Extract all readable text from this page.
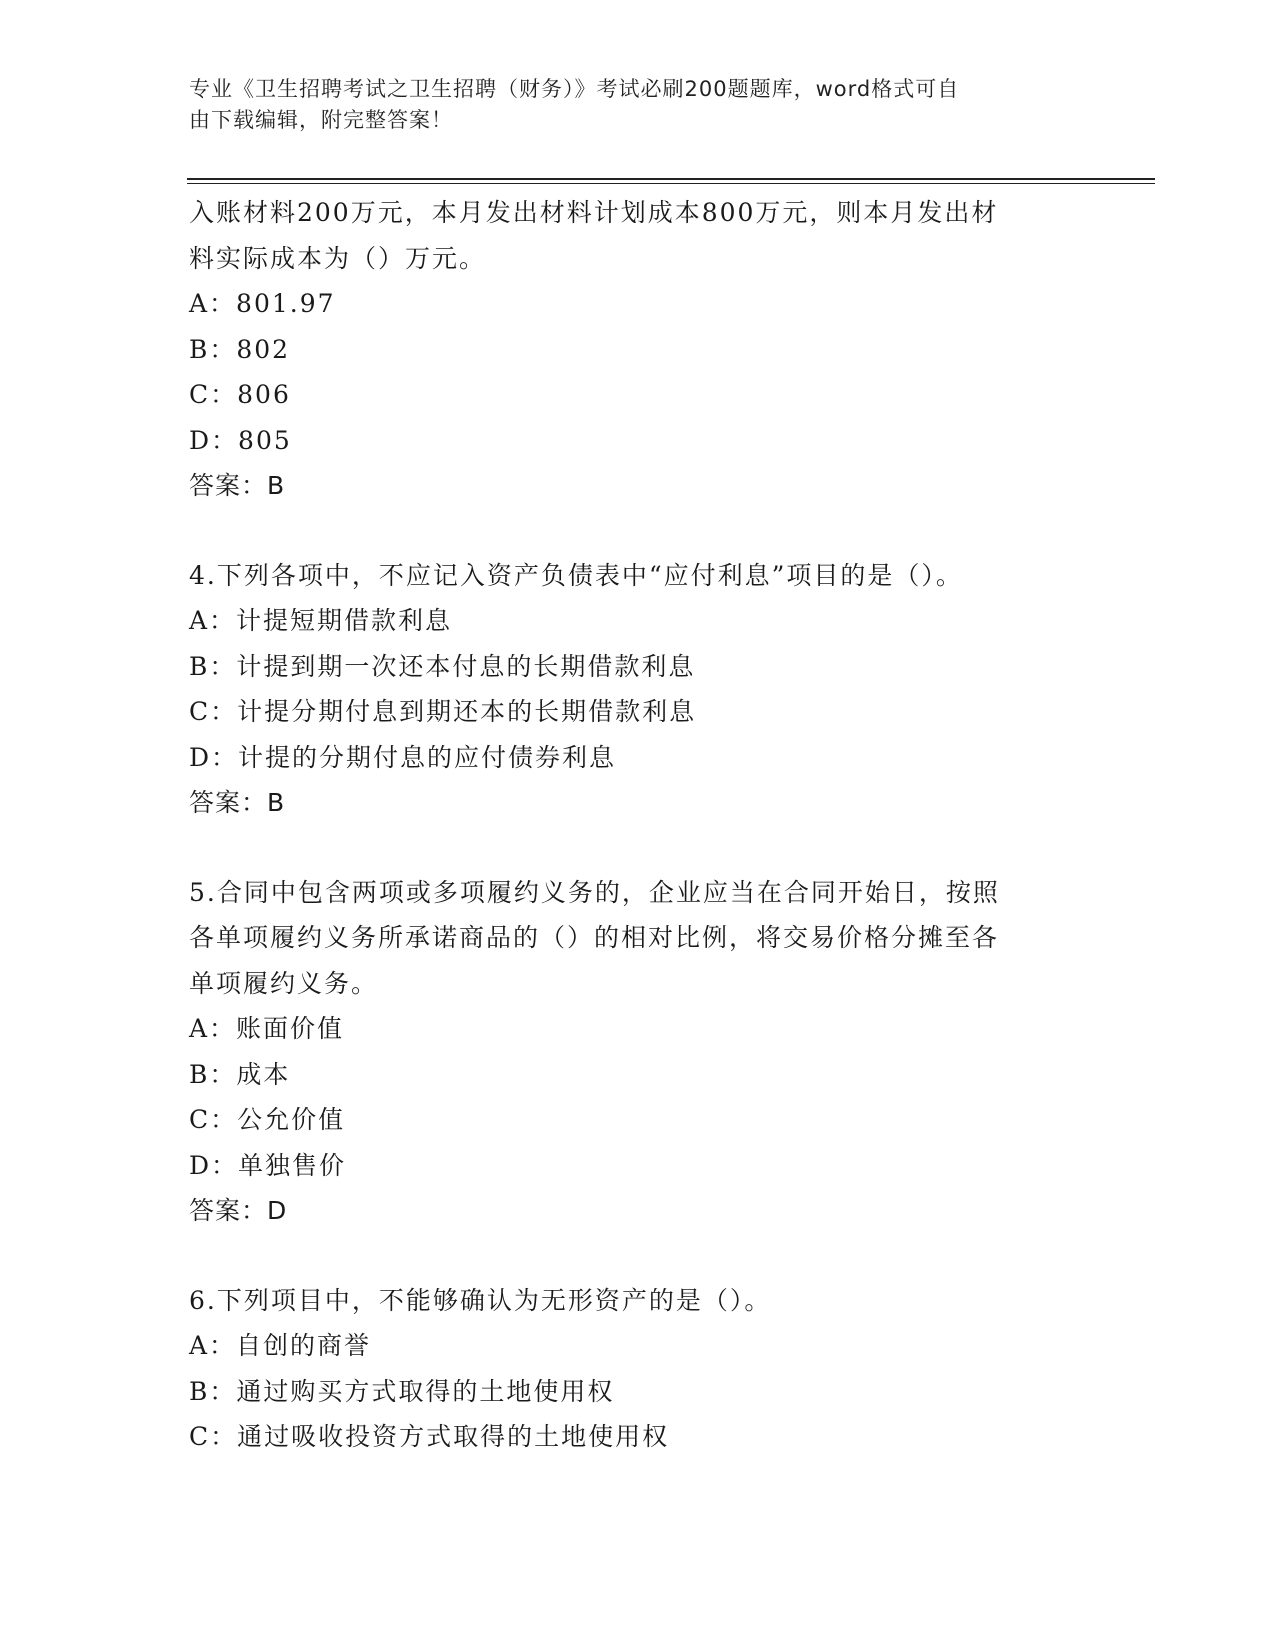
专业《卫生招聘考试之卫生招聘（财务）》考试必刷200题题库，word格式可自
由下载编辑，附完整答案！
入账材料200万元，本月发出材料计划成本800万元，则本月发出材
料实际成本为（）万元。
A：801.97
B：802
C：806
D：805
答案：B
4.下列各项中，不应记入资产负债表中“应付利息”项目的是（）。
A：计提短期借款利息
B：计提到期一次还本付息的长期借款利息
C：计提分期付息到期还本的长期借款利息
D：计提的分期付息的应付债券利息
答案：B
5.合同中包含两项或多项履约义务的，企业应当在合同开始日，按照
各单项履约义务所承诺商品的（）的相对比例，将交易价格分摊至各
单项履约义务。
A：账面价值
B：成本
C：公允价值
D：单独售价
答案：D
6.下列项目中，不能够确认为无形资产的是（）。
A：自创的商誉
B：通过购买方式取得的土地使用权
C：通过吸收投资方式取得的土地使用权
